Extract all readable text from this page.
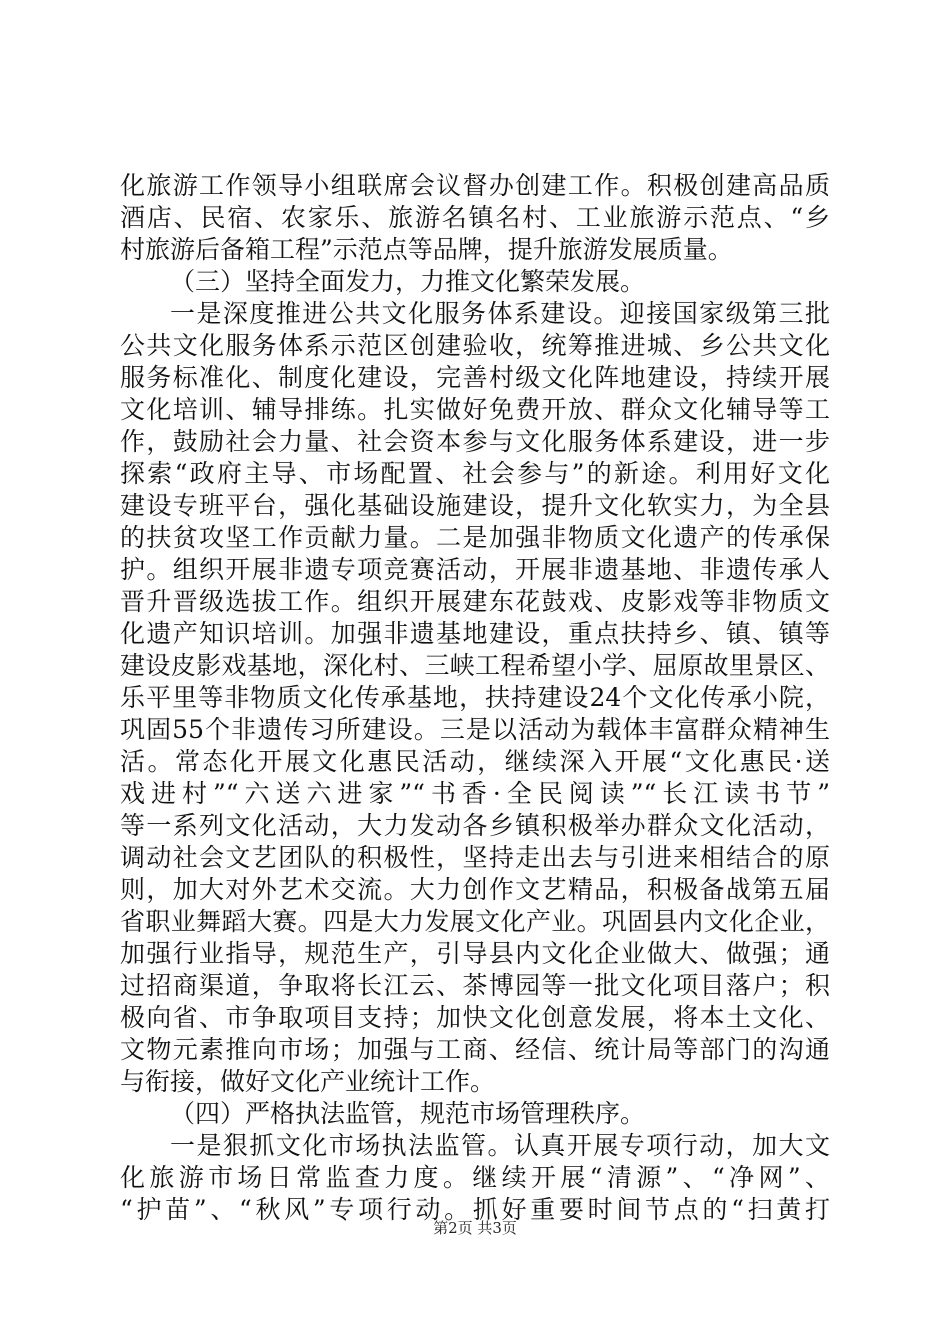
化旅游工作领导小组联席会议督办创建工作。积极创建高品质
酒店、民宿、农家乐、旅游名镇名村、工业旅游示范点、“乡
村旅游后备箱工程”示范点等品牌，提升旅游发展质量。
（三）坚持全面发力，力推文化繁荣发展。
一是深度推进公共文化服务体系建设。迎接国家级第三批
公共文化服务体系示范区创建验收，统筹推进城、乡公共文化
服务标准化、制度化建设，完善村级文化阵地建设，持续开展
文化培训、辅导排练。扎实做好免费开放、群众文化辅导等工
作，鼓励社会力量、社会资本参与文化服务体系建设，进一步
探索“政府主导、市场配置、社会参与”的新途。利用好文化
建设专班平台，强化基础设施建设，提升文化软实力，为全县
的扶贫攻坚工作贡献力量。二是加强非物质文化遗产的传承保
护。组织开展非遗专项竞赛活动，开展非遗基地、非遗传承人
晋升晋级选拔工作。组织开展建东花鼓戏、皮影戏等非物质文
化遗产知识培训。加强非遗基地建设，重点扶持乡、镇、镇等
建设皮影戏基地，深化村、三峡工程希望小学、屈原故里景区、
乐平里等非物质文化传承基地，扶持建设24个文化传承小院，
巩固55个非遗传习所建设。三是以活动为载体丰富群众精神生
活。常态化开展文化惠民活动，继续深入开展“文化惠民·送
戏进村”“六送六进家”“书香·全民阅读”“长江读书节”
等一系列文化活动，大力发动各乡镇积极举办群众文化活动，
调动社会文艺团队的积极性，坚持走出去与引进来相结合的原
则，加大对外艺术交流。大力创作文艺精品，积极备战第五届
省职业舞蹈大赛。四是大力发展文化产业。巩固县内文化企业，
加强行业指导，规范生产，引导县内文化企业做大、做强；通
过招商渠道，争取将长江云、茶博园等一批文化项目落户；积
极向省、市争取项目支持；加快文化创意发展，将本土文化、
文物元素推向市场；加强与工商、经信、统计局等部门的沟通
与衔接，做好文化产业统计工作。
（四）严格执法监管，规范市场管理秩序。
一是狠抓文化市场执法监管。认真开展专项行动，加大文
化旅游市场日常监查力度。继续开展“清源”、“净网”、
“护苗”、“秋风”专项行动。抓好重要时间节点的“扫黄打
第2页 共3页
